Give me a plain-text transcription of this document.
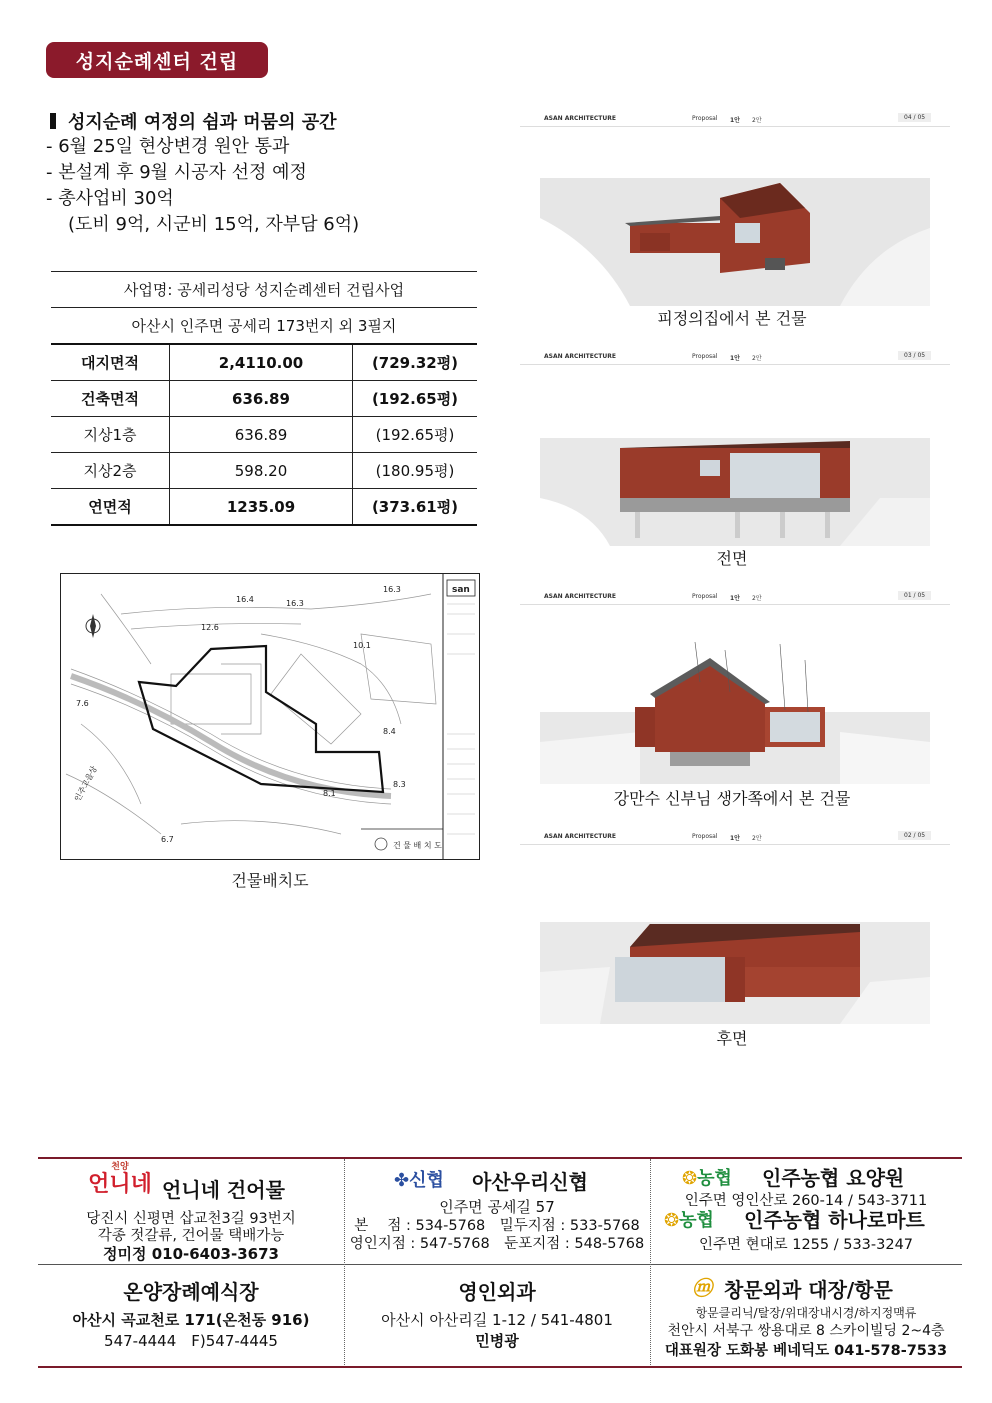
성지순례센터 건립
성지순례 여정의 쉼과 머뭄의 공간
- 6월 25일 현상변경 원안 통과
- 본설계 후 9월 시공자 선정 예정
- 총사업비 30억
(도비 9억, 시군비 15억, 자부담 6억)
사업명: 공세리성당 성지순례센터 건립사업		
아산시 인주면 공세리 173번지 외 3필지		
대지면적	2,4110.00	(729.32평)
건축면적	636.89	(192.65평)
지상1층	636.89	(192.65평)
지상2층	598.20	(180.95평)
연면적	1235.09	(373.61평)
16.4	16.3
16.3
12.6
10.1
7.6
8.4
8.3
8.1
6.7
인주고을상
san
건 물 배 치 도
건물배치도
ASAN ARCHITECTURE	Proposal 1안 2안	04 / 05
피정의집에서 본 건물
ASAN ARCHITECTURE	Proposal 1안 2안	03 / 05
전면
ASAN ARCHITECTURE	Proposal 1안 2안	01 / 05
강만수 신부님 생가쪽에서 본 건물
ASAN ARCHITECTURE	Proposal 1안 2안	02 / 05
후면
천양
언니네 언니네 건어물
당진시 신평면 삽교천3길 93번지
각종 젓갈류, 건어물 택배가능
정미정 010-6403-3673
✤신협 아산우리신협
인주면 공세길 57
본　 점 : 534-5768　밀두지점 : 533-5768
영인지점 : 547-5768　둔포지점 : 548-5768
❂농협 인주농협 요양원
인주면 영인산로 260-14 / 543-3711
❂농협 인주농협 하나로마트
인주면 현대로 1255 / 533-3247
온양장례예식장
아산시 곡교천로 171(온천동 916)
547-4444　F)547-4445
영인외과
아산시 아산리길 1-12 / 541-4801
민병광
ⓜ 창문외과 대장/항문
항문클리닉/탈장/위대장내시경/하지정맥류
천안시 서북구 쌍용대로 8 스카이빌딩 2~4층
대표원장 도화봉 베네딕도 041-578-7533
